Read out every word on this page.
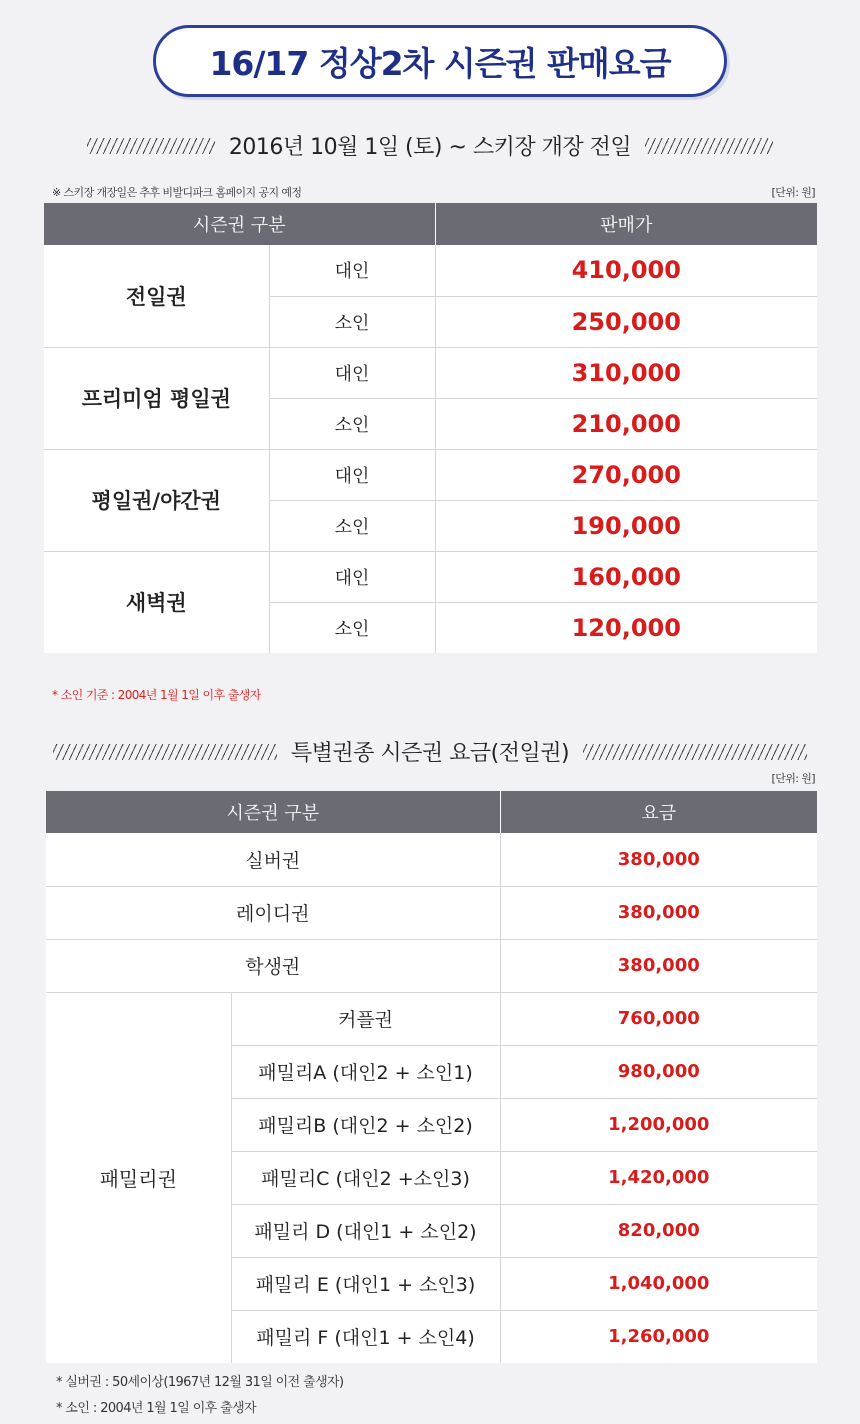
16/17 정상2차 시즌권 판매요금
2016년 10월 1일 (토) ~ 스키장 개장 전일
※ 스키장 개장일은 추후 비발디파크 홈페이지 공지 예정	[단위: 원]
시즌권 구분		판매가
전일권	대인	410,000
	소인	250,000
프리미엄 평일권	대인	310,000
	소인	210,000
평일권/야간권	대인	270,000
	소인	190,000
새벽권	대인	160,000
	소인	120,000
* 소인 기준 : 2004년 1월 1일 이후 출생자
특별권종 시즌권 요금(전일권)
[단위: 원]
시즌권 구분		요금
실버권		380,000
레이디권		380,000
학생권		380,000
패밀리권	커플권	760,000
	패밀리A (대인2 + 소인1)	980,000
	패밀리B (대인2 + 소인2)	1,200,000
	패밀리C (대인2 +소인3)	1,420,000
	패밀리 D (대인1 + 소인2)	820,000
	패밀리 E (대인1 + 소인3)	1,040,000
	패밀리 F (대인1 + 소인4)	1,260,000
* 실버권 : 50세이상(1967년 12월 31일 이전 출생자)
* 소인 : 2004년 1월 1일 이후 출생자
